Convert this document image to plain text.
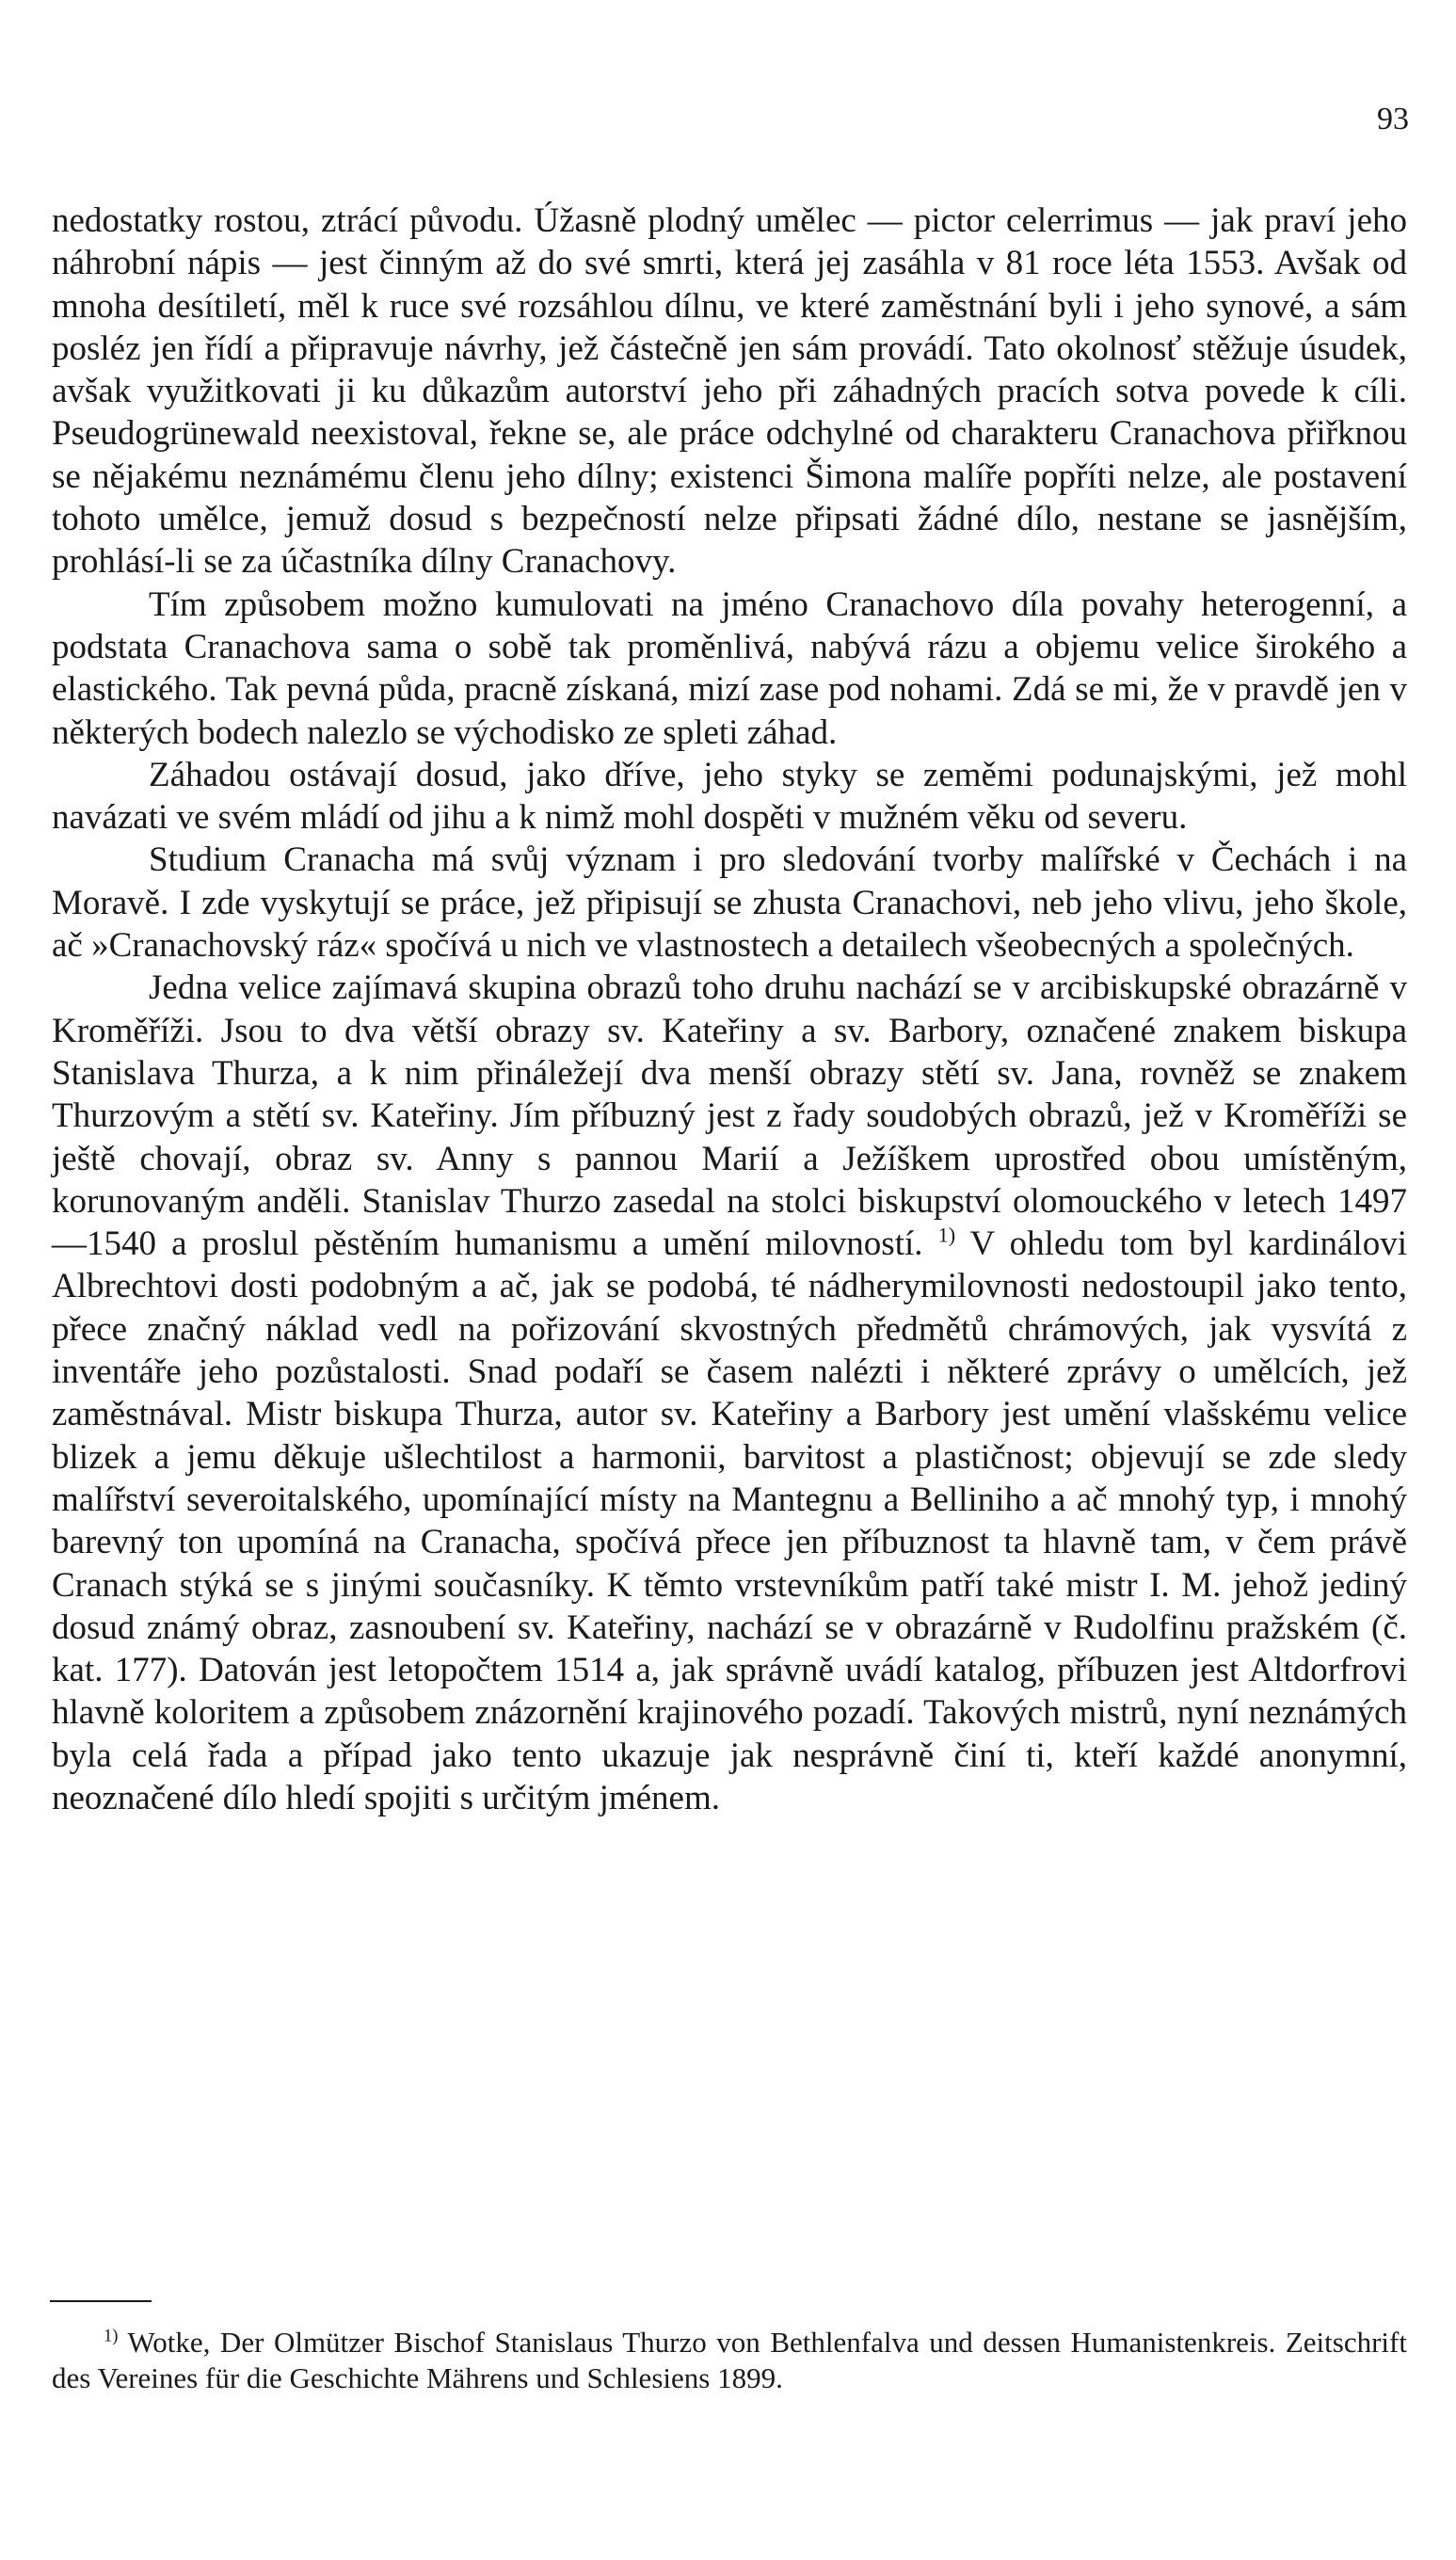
93

nedostatky rostou, ztrácí původu. Úžasně plodný umělec — pictor celerrimus — jak praví jeho náhrobní nápis — jest činným až do své smrti, která jej zasáhla v 81 roce léta 1553. Avšak od mnoha desítiletí, měl k ruce své rozsáhlou dílnu, ve které zaměstnání byli i jeho synové, a sám posléz jen řídí a připravuje návrhy, jež částečně jen sám provádí. Tato okolnosť stěžuje úsudek, avšak využitkovati ji ku důkazům autorství jeho při záhadných pracích sotva povede k cíli. Pseudogrünewald neexistoval, řekne se, ale práce odchylné od charakteru Cranachova přiřknou se nějakému neznámému členu jeho dílny; existenci Šimona malíře popříti nelze, ale postavení tohoto umělce, jemuž dosud s bezpečností nelze připsati žádné dílo, nestane se jasnějším, prohlásí-li se za účastníka dílny Cranachovy.

Tím způsobem možno kumulovati na jméno Cranachovo díla povahy heterogenní, a podstata Cranachova sama o sobě tak proměnlivá, nabývá rázu a objemu velice širokého a elastického. Tak pevná půda, pracně získaná, mizí zase pod nohami. Zdá se mi, že v pravdě jen v některých bodech nalezlo se východisko ze spleti záhad.

Záhadou ostávají dosud, jako dříve, jeho styky se zeměmi podunajskými, jež mohl navázati ve svém mládí od jihu a k nimž mohl dospěti v mužném věku od severu.

Studium Cranacha má svůj význam i pro sledování tvorby malířské v Čechách i na Moravě. I zde vyskytují se práce, jež připisují se zhusta Cranachovi, neb jeho vlivu, jeho škole, ač »Cranachovský ráz« spočívá u nich ve vlastnostech a detailech všeobecných a společných.

Jedna velice zajímavá skupina obrazů toho druhu nachází se v arcibiskupské obrazárně v Kroměříži. Jsou to dva větší obrazy sv. Kateřiny a sv. Barbory, označené znakem biskupa Stanislava Thurza, a k nim přináležejí dva menší obrazy stětí sv. Jana, rovněž se znakem Thurzovým a stětí sv. Kateřiny. Jím příbuzný jest z řady soudobých obrazů, jež v Kroměříži se ještě chovají, obraz sv. Anny s pannou Marií a Ježíškem uprostřed obou umístěným, korunovaným anděli. Stanislav Thurzo zasedal na stolci biskupství olomouckého v letech 1497—1540 a proslul pěstěním humanismu a umění milovností. $^{1)}$ V ohledu tom byl kardinálovi Albrechtovi dosti podobným a ač, jak se podobá, té nádherymilovnosti nedostoupil jako tento, přece značný náklad vedl na pořizování skvostných předmětů chrámových, jak vysvítá z inventáře jeho pozůstalosti. Snad podaří se časem nalézti i některé zprávy o umělcích, jež zaměstnával. Mistr biskupa Thurza, autor sv. Kateřiny a Barbory jest umění vlašskému velice blizek a jemu děkuje ušlechtilost a harmonii, barvitost a plastičnost; objevují se zde sledy malířství severoitalského, upomínající místy na Mantegnu a Belliniho a ač mnohý typ, i mnohý barevný ton upomíná na Cranacha, spočívá přece jen příbuznost ta hlavně tam, v čem právě Cranach stýká se s jinými současníky. K těmto vrstevníkům patří také mistr I. M. jehož jediný dosud známý obraz, zasnoubení sv. Kateřiny, nachází se v obrazárně v Rudolfinu pražském (č. kat. 177). Datován jest letopočtem 1514 a, jak správně uvádí katalog, příbuzen jest Altdorfrovi hlavně koloritem a způsobem znázornění krajinového pozadí. Takových mistrů, nyní neznámých byla celá řada a případ jako tento ukazuje jak nesprávně činí ti, kteří každé anonymní, neoznačené dílo hledí spojiti s určitým jménem.

$^{1)}$ Wotke, Der Olmützer Bischof Stanislaus Thurzo von Bethlenfalva und dessen Humanistenkreis. Zeitschrift des Vereines für die Geschichte Mährens und Schlesiens 1899.
